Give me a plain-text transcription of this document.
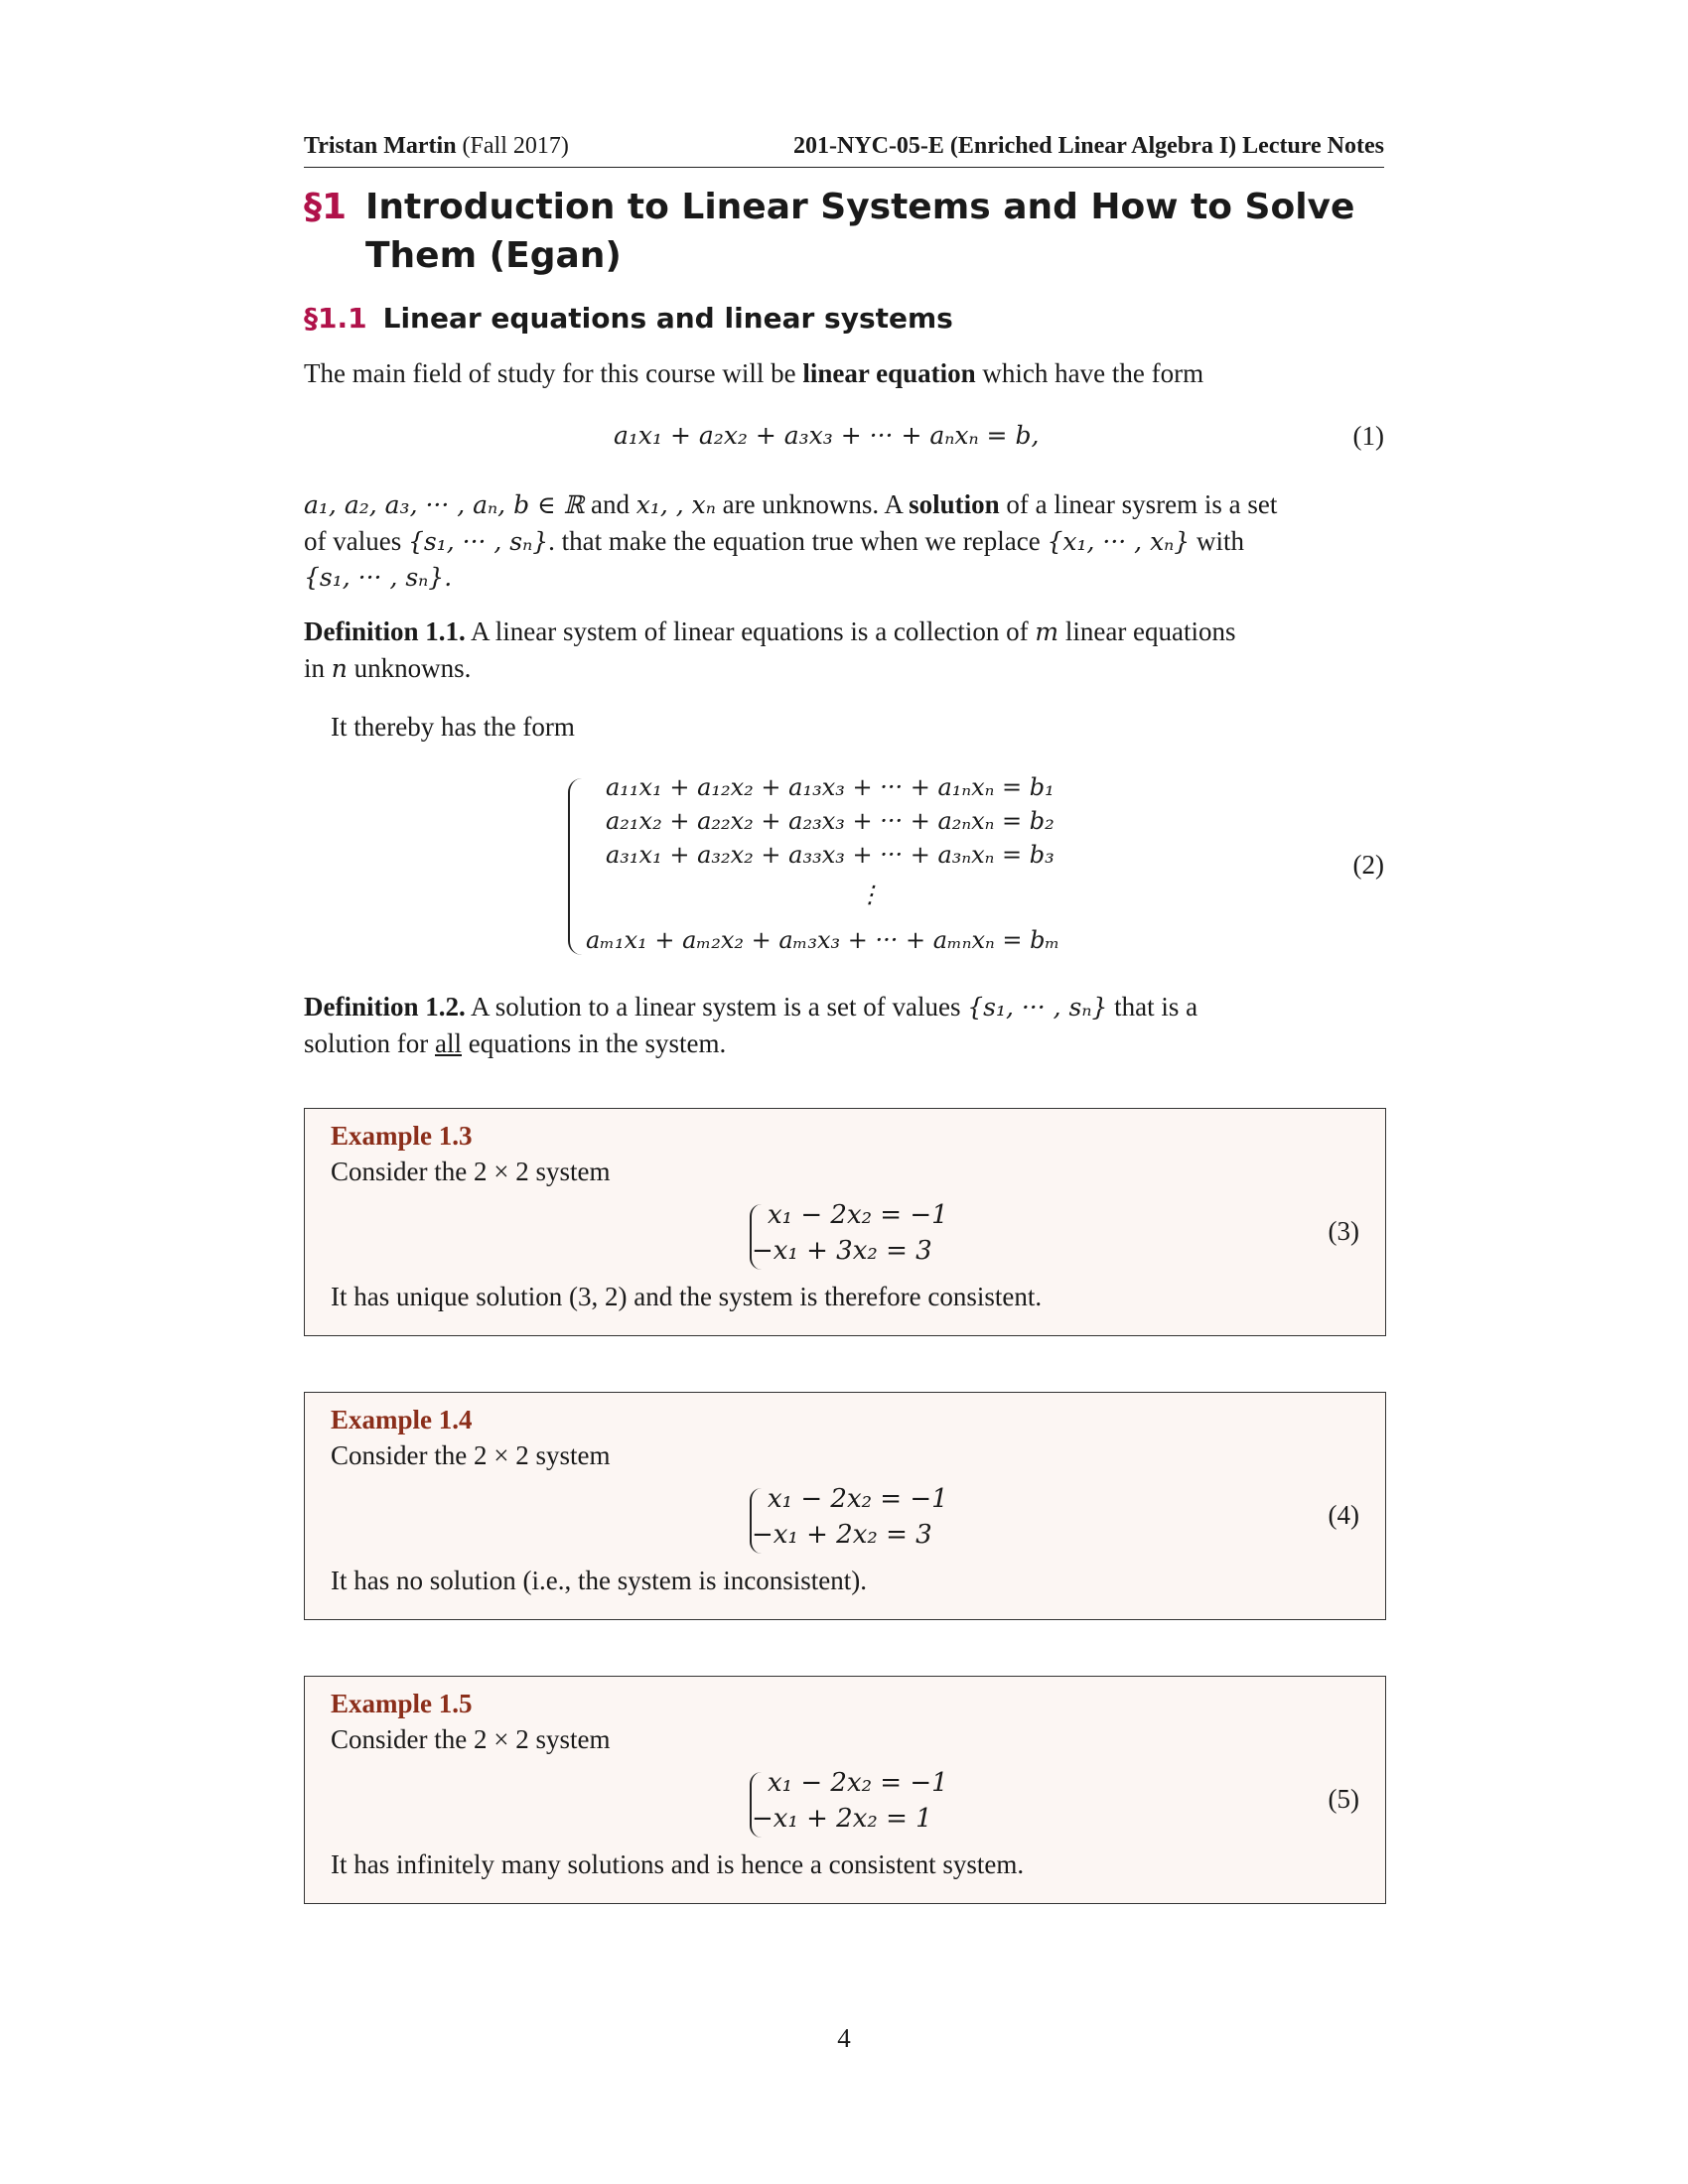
Tristan Martin (Fall 2017)	201-NYC-05-E (Enriched Linear Algebra I) Lecture Notes
§1 Introduction to Linear Systems and How to Solve Them (Egan)
§1.1 Linear equations and linear systems
The main field of study for this course will be linear equation which have the form
a₁x₁ + a₂x₂ + a₃x₃ + ··· + aₙxₙ = b,	(1)
a₁, a₂, a₃, ··· , aₙ, b ∈ ℝ and x₁, , xₙ are unknowns. A solution of a linear sysrem is a set
of values {s₁, ··· , sₙ}. that make the equation true when we replace {x₁, ··· , xₙ} with
{s₁, ··· , sₙ}.
Definition 1.1. A linear system of linear equations is a collection of m linear equations
in n unknowns.
It thereby has the form
a₁₁x₁ + a₁₂x₂ + a₁₃x₃ + ··· + a₁ₙxₙ = b₁
a₂₁x₂ + a₂₂x₂ + a₂₃x₃ + ··· + a₂ₙxₙ = b₂
a₃₁x₁ + a₃₂x₂ + a₃₃x₃ + ··· + a₃ₙxₙ = b₃
⋮
aₘ₁x₁ + aₘ₂x₂ + aₘ₃x₃ + ··· + aₘₙxₙ = bₘ
(2)
Definition 1.2. A solution to a linear system is a set of values {s₁, ··· , sₙ} that is a
solution for all equations in the system.
Example 1.3
Consider the 2 × 2 system
x₁ − 2x₂ = −1
−x₁ + 3x₂ = 3
(3)
It has unique solution (3, 2) and the system is therefore consistent.
Example 1.4
Consider the 2 × 2 system
x₁ − 2x₂ = −1
−x₁ + 2x₂ = 3
(4)
It has no solution (i.e., the system is inconsistent).
Example 1.5
Consider the 2 × 2 system
x₁ − 2x₂ = −1
−x₁ + 2x₂ = 1
(5)
It has infinitely many solutions and is hence a consistent system.
4
